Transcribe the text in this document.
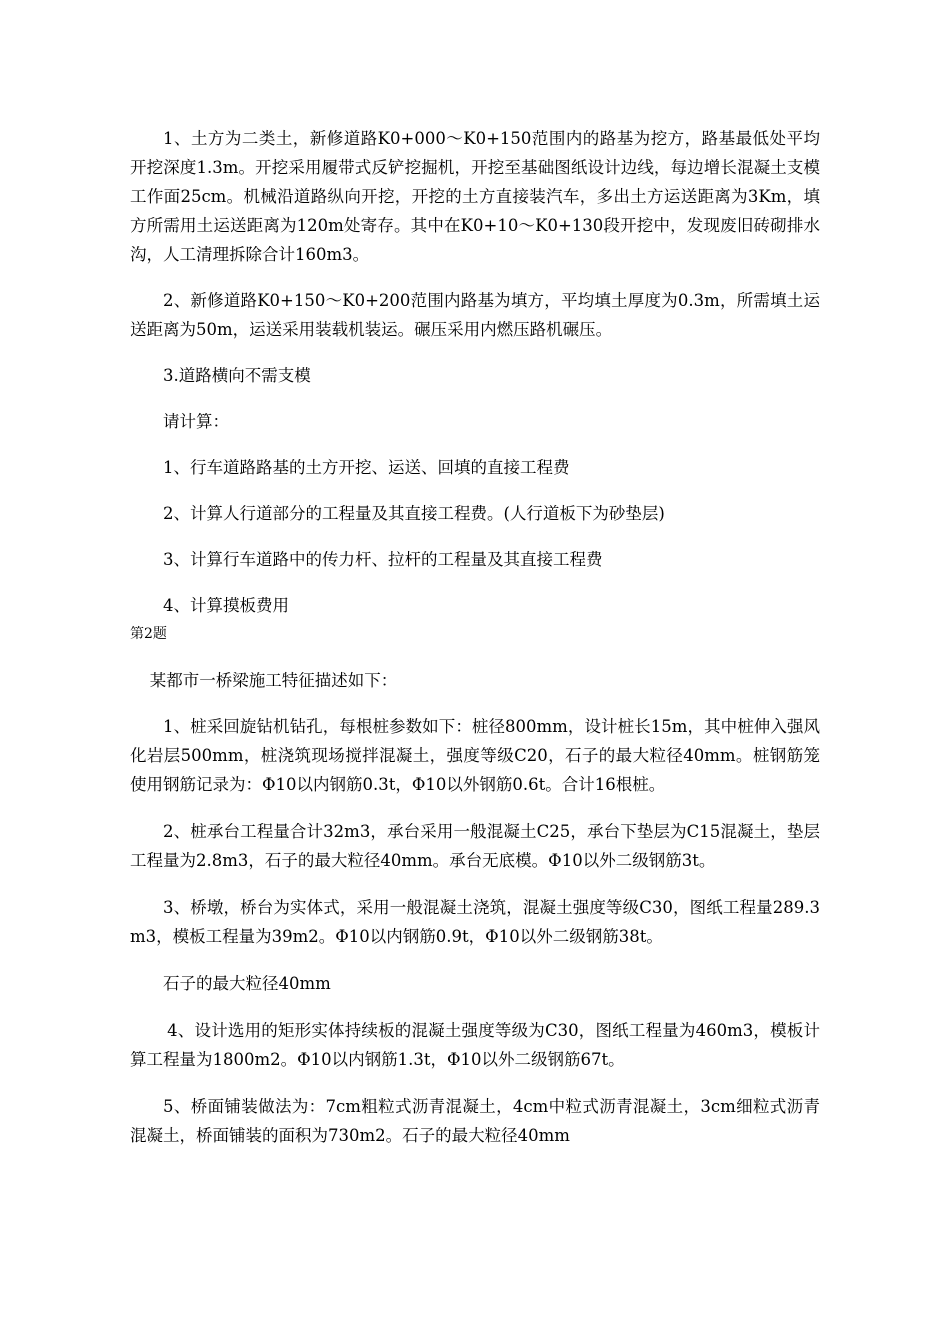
1、土方为二类土，新修道路K0+000～K0+150范围内的路基为挖方，路基最低处平均开挖深度1.3m。开挖采用履带式反铲挖掘机，开挖至基础图纸设计边线，每边增长混凝土支模工作面25cm。机械沿道路纵向开挖，开挖的土方直接装汽车，多出土方运送距离为3Km，填方所需用土运送距离为120m处寄存。其中在K0+10～K0+130段开挖中，发现废旧砖砌排水沟，人工清理拆除合计160m3。

2、新修道路K0+150～K0+200范围内路基为填方，平均填土厚度为0.3m，所需填土运送距离为50m，运送采用装载机装运。碾压采用内燃压路机碾压。

3.道路横向不需支模

请计算：

1、行车道路路基的土方开挖、运送、回填的直接工程费

2、计算人行道部分的工程量及其直接工程费。(人行道板下为砂垫层)

3、计算行车道路中的传力杆、拉杆的工程量及其直接工程费

4、计算摸板费用

第2题

某都市一桥梁施工特征描述如下：

1、桩采回旋钻机钻孔，每根桩参数如下：桩径800mm，设计桩长15m，其中桩伸入强风化岩层500mm，桩浇筑现场搅拌混凝土，强度等级C20，石子的最大粒径40mm。桩钢筋笼使用钢筋记录为：Φ10以内钢筋0.3t，Φ10以外钢筋0.6t。合计16根桩。

2、桩承台工程量合计32m3，承台采用一般混凝土C25，承台下垫层为C15混凝土，垫层工程量为2.8m3，石子的最大粒径40mm。承台无底模。Φ10以外二级钢筋3t。

3、桥墩，桥台为实体式，采用一般混凝土浇筑，混凝土强度等级C30，图纸工程量289.3m3，模板工程量为39m2。Φ10以内钢筋0.9t，Φ10以外二级钢筋38t。

石子的最大粒径40mm

4、设计选用的矩形实体持续板的混凝土强度等级为C30，图纸工程量为460m3，模板计算工程量为1800m2。Φ10以内钢筋1.3t，Φ10以外二级钢筋67t。

5、桥面铺装做法为：7cm粗粒式沥青混凝土，4cm中粒式沥青混凝土，3cm细粒式沥青混凝土，桥面铺装的面积为730m2。石子的最大粒径40mm
